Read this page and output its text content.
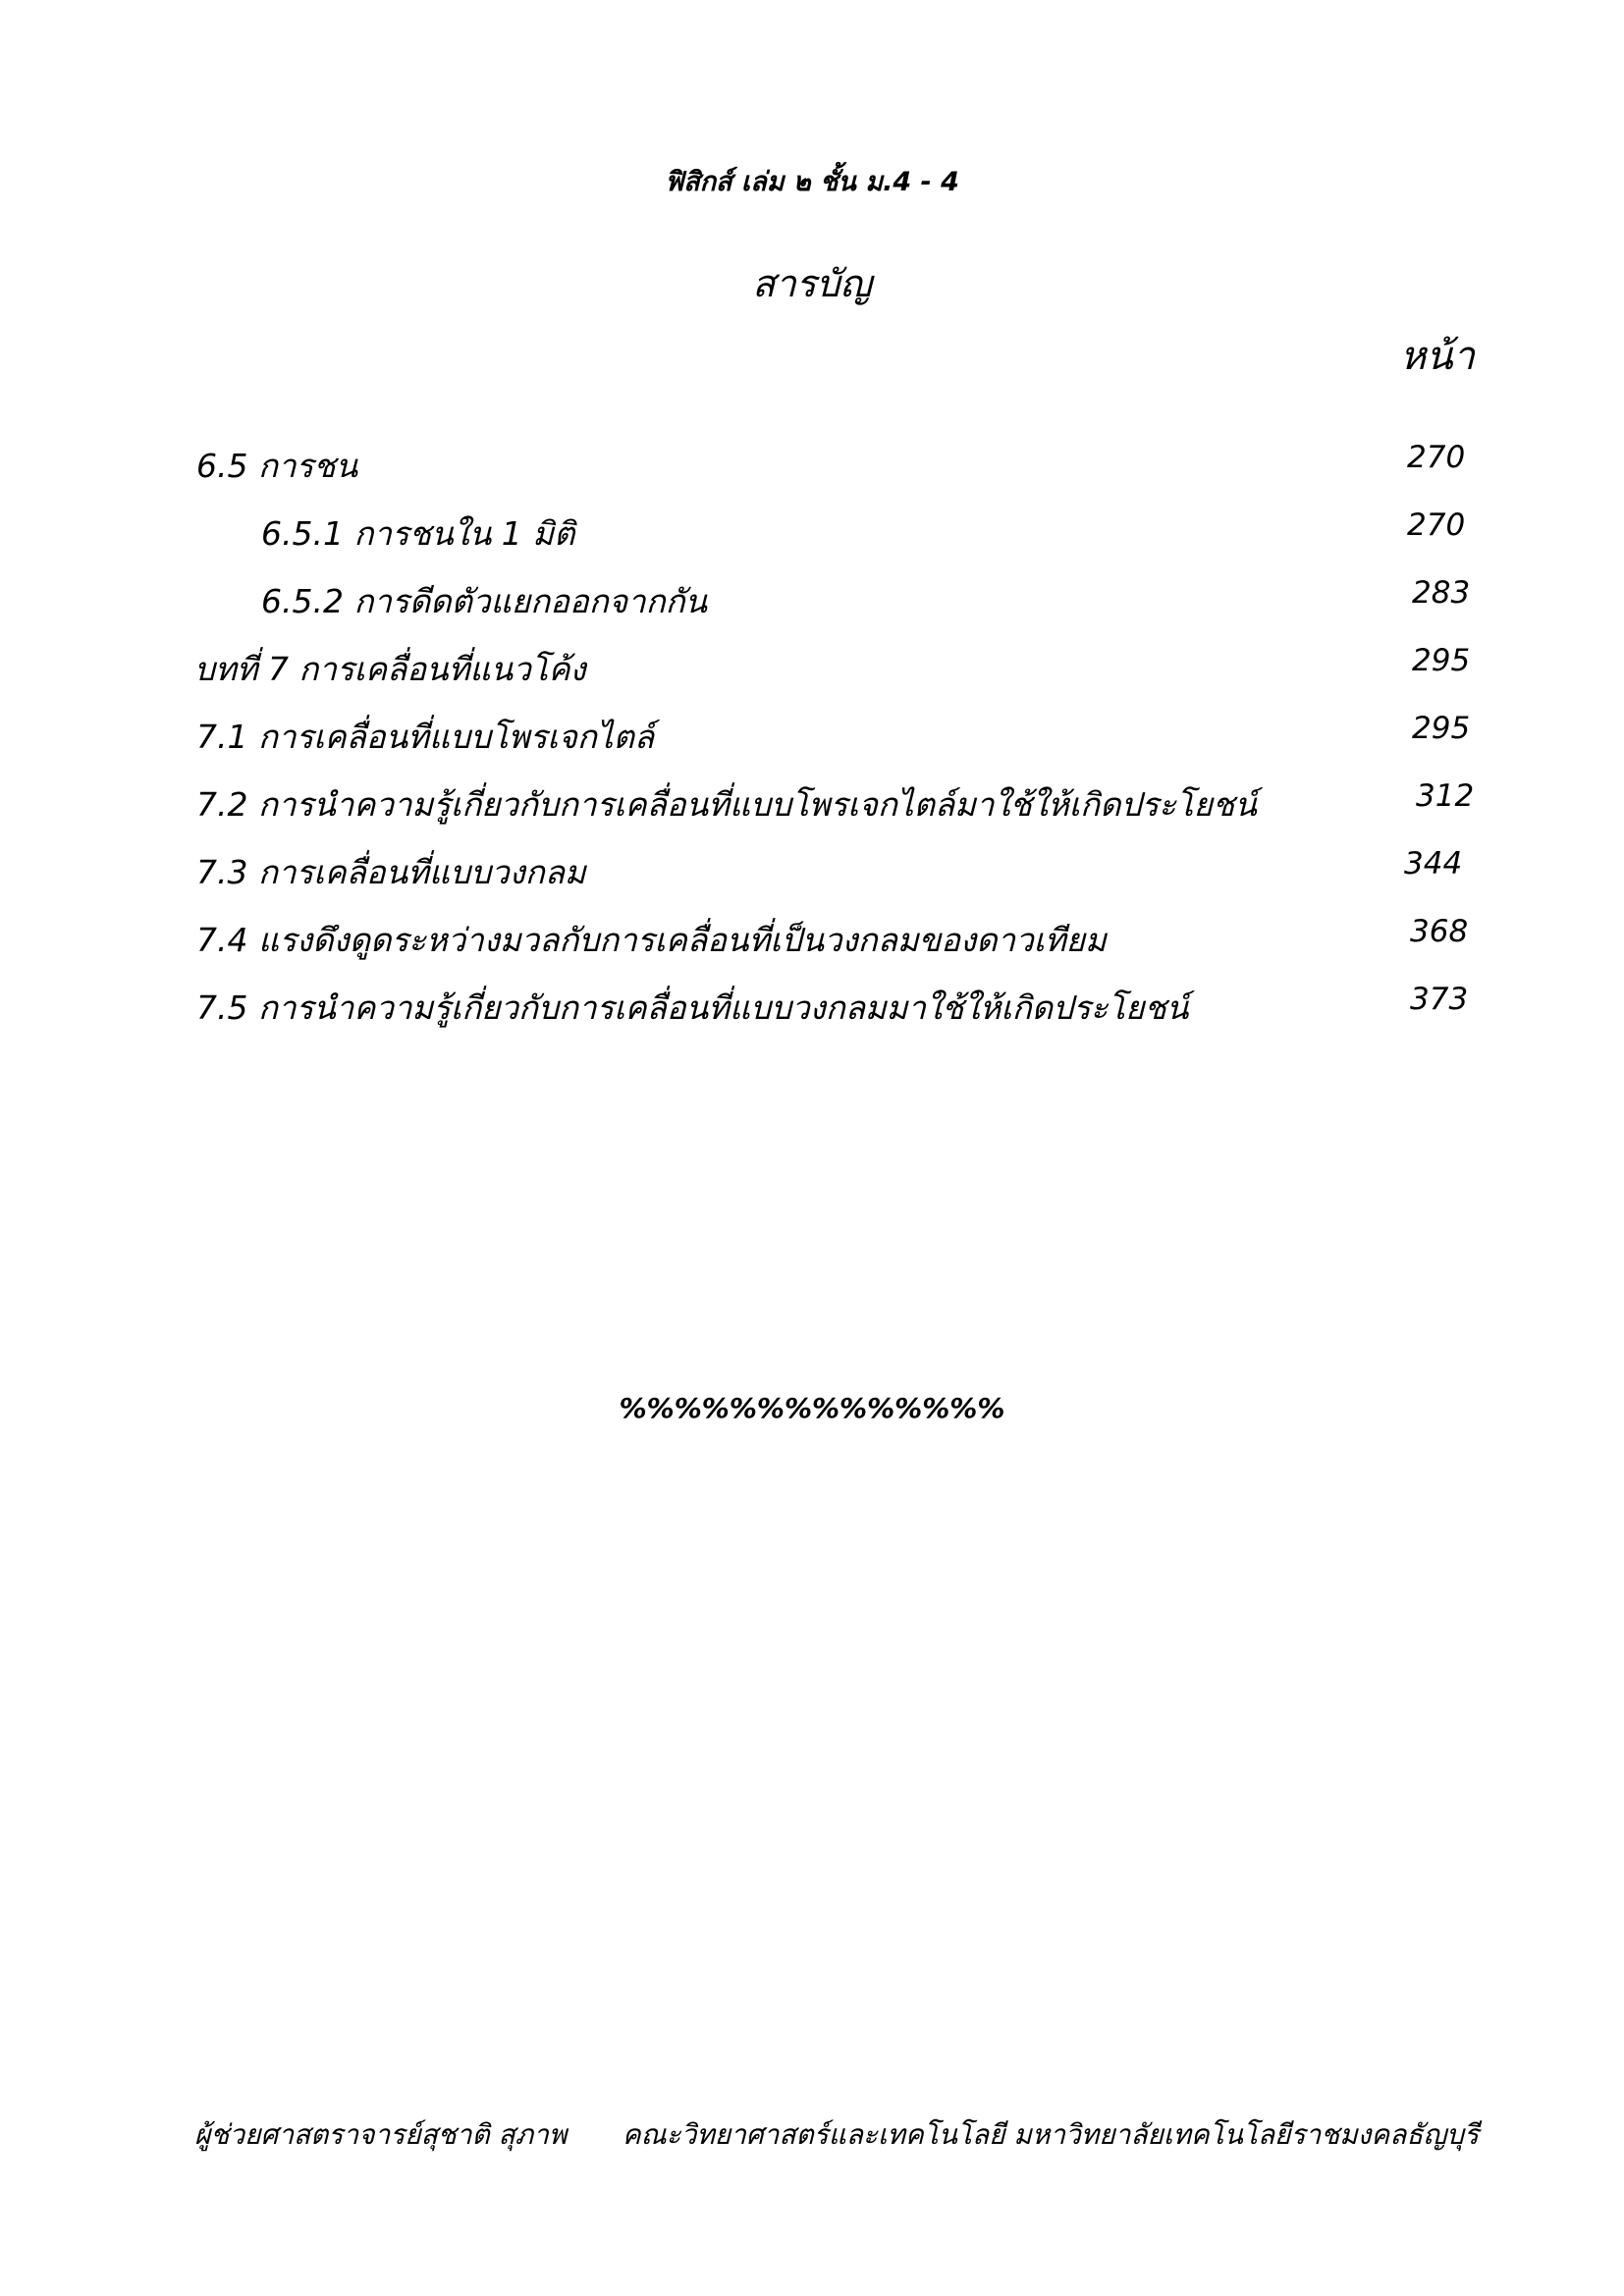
ฟิสิกส์ เล่ม ๒ ชั้น ม.4 - 4
สารบัญ
หน้า
6.5 การชน	270
6.5.1 การชนใน 1 มิติ	270
6.5.2 การดีดตัวแยกออกจากกัน	283
บทที่ 7 การเคลื่อนที่แนวโค้ง	295
7.1 การเคลื่อนที่แบบโพรเจกไตล์	295
7.2 การนำความรู้เกี่ยวกับการเคลื่อนที่แบบโพรเจกไตล์มาใช้ให้เกิดประโยชน์	312
7.3 การเคลื่อนที่แบบวงกลม	344
7.4 แรงดึงดูดระหว่างมวลกับการเคลื่อนที่เป็นวงกลมของดาวเทียม	368
7.5 การนำความรู้เกี่ยวกับการเคลื่อนที่แบบวงกลมมาใช้ให้เกิดประโยชน์	373
%%%%%%%%%%%%%%
ผู้ช่วยศาสตราจารย์สุชาติ สุภาพ คณะวิทยาศาสตร์และเทคโนโลยี มหาวิทยาลัยเทคโนโลยีราชมงคลธัญบุรี
